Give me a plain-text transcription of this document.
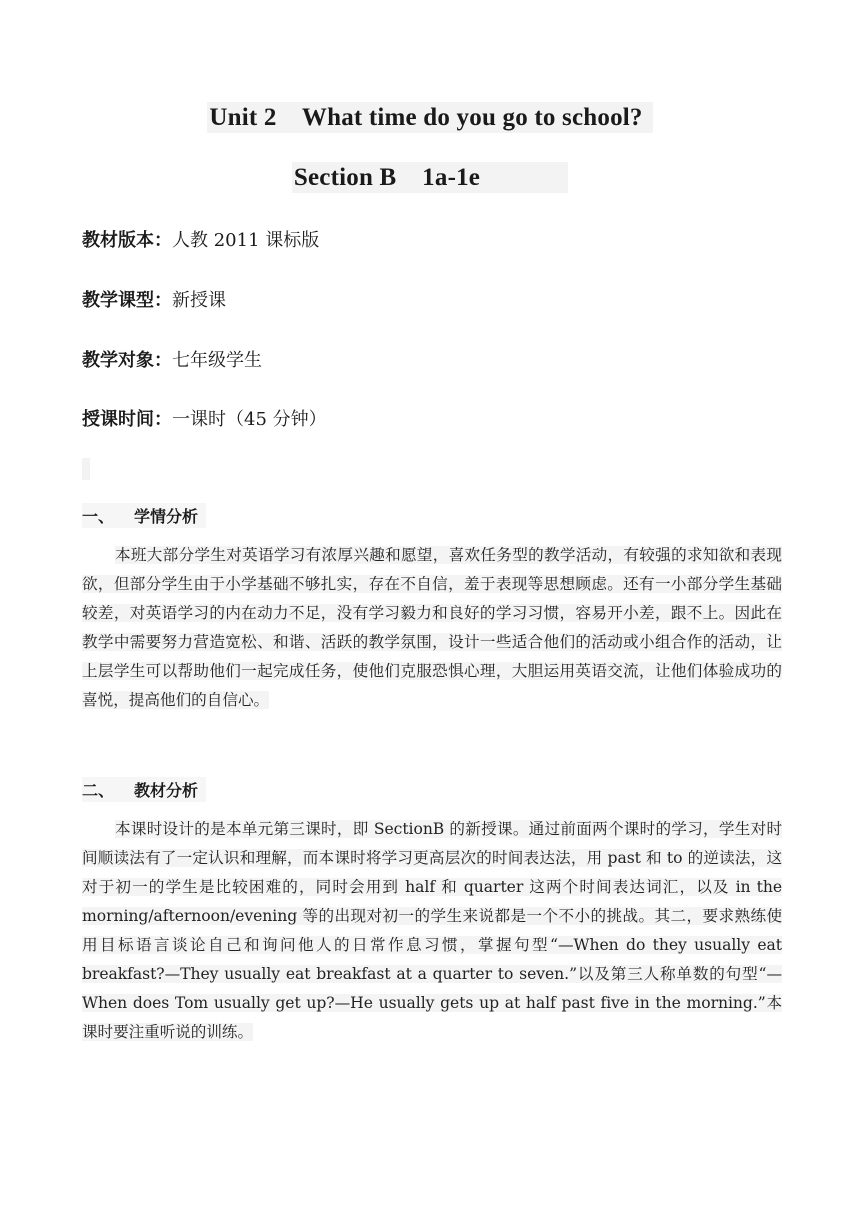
Unit 2    What time do you go to school?
Section B    1a-1e
教材版本：人教 2011 课标版
教学课型：新授课
教学对象：七年级学生
授课时间：一课时（45 分钟）
一、 学情分析

本班大部分学生对英语学习有浓厚兴趣和愿望，喜欢任务型的教学活动，有较强的求知欲和表现欲，但部分学生由于小学基础不够扎实，存在不自信，羞于表现等思想顾虑。还有一小部分学生基础较差，对英语学习的内在动力不足，没有学习毅力和良好的学习习惯，容易开小差，跟不上。因此在教学中需要努力营造宽松、和谐、活跃的教学氛围，设计一些适合他们的活动或小组合作的活动，让上层学生可以帮助他们一起完成任务，使他们克服恐惧心理，大胆运用英语交流，让他们体验成功的喜悦，提高他们的自信心。

二、 教材分析

本课时设计的是本单元第三课时，即 SectionB 的新授课。通过前面两个课时的学习，学生对时间顺读法有了一定认识和理解，而本课时将学习更高层次的时间表达法，用 past 和 to 的逆读法，这对于初一的学生是比较困难的，同时会用到 half 和 quarter 这两个时间表达词汇，以及 in the morning/afternoon/evening 等的出现对初一的学生来说都是一个不小的挑战。其二，要求熟练使用目标语言谈论自己和询问他人的日常作息习惯，掌握句型“—When do they usually eat breakfast?—They usually eat breakfast at a quarter to seven.”以及第三人称单数的句型“—When does Tom usually get up?—He usually gets up at half past five in the morning.”本课时要注重听说的训练。
